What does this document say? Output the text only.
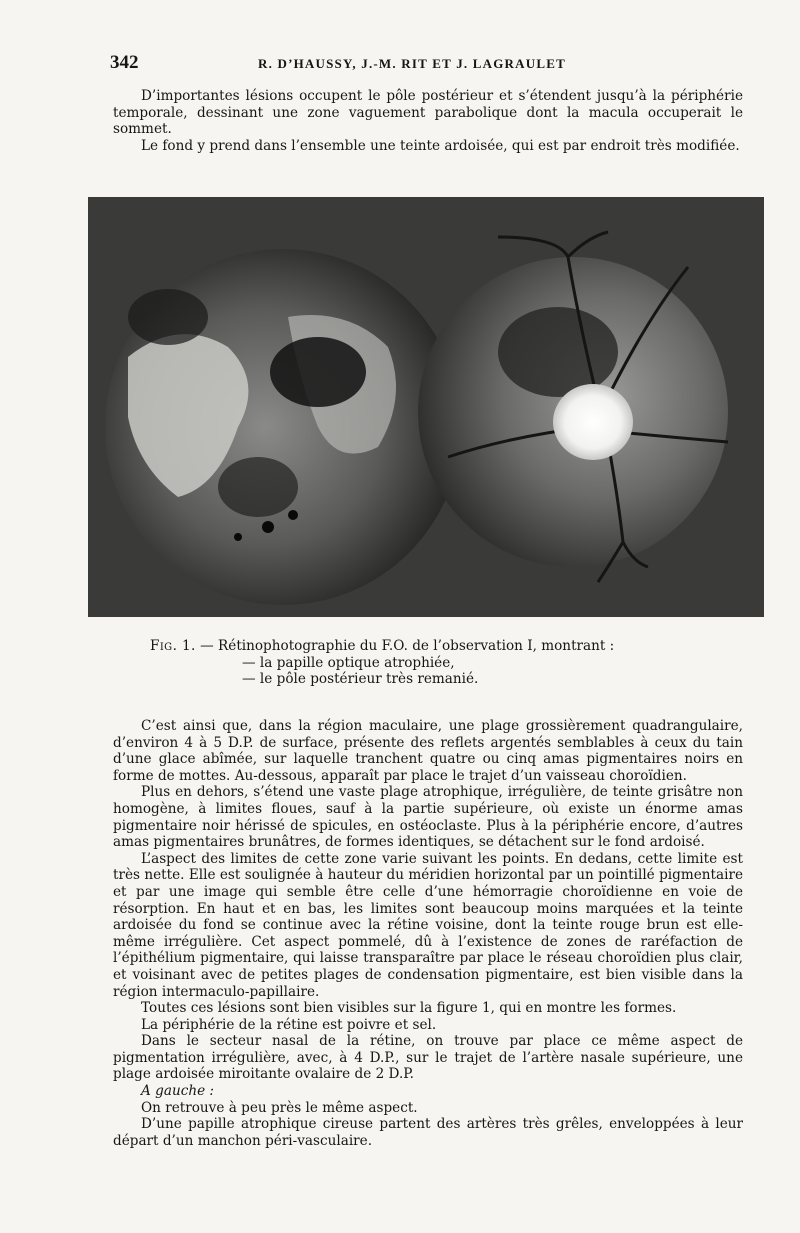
342	R. D’HAUSSY, J.-M. RIT ET J. LAGRAULET

D’importantes lésions occupent le pôle postérieur et s’étendent jusqu’à la périphérie temporale, dessinant une zone vaguement parabolique dont la macula occuperait le sommet.

Le fond y prend dans l’ensemble une teinte ardoisée, qui est par endroit très modifiée.

Fig. 1. — Rétinophotographie du F.O. de l’observation I, montrant :
— la papille optique atrophiée,
— le pôle postérieur très remanié.

C’est ainsi que, dans la région maculaire, une plage grossièrement quadrangulaire, d’environ 4 à 5 D.P. de surface, présente des reflets argentés semblables à ceux du tain d’une glace abîmée, sur laquelle tranchent quatre ou cinq amas pigmentaires noirs en forme de mottes. Au-dessous, apparaît par place le trajet d’un vaisseau choroïdien.

Plus en dehors, s’étend une vaste plage atrophique, irrégulière, de teinte grisâtre non homogène, à limites floues, sauf à la partie supérieure, où existe un énorme amas pigmentaire noir hérissé de spicules, en ostéoclaste. Plus à la périphérie encore, d’autres amas pigmentaires brunâtres, de formes identiques, se détachent sur le fond ardoisé.

L’aspect des limites de cette zone varie suivant les points. En dedans, cette limite est très nette. Elle est soulignée à hauteur du méridien horizontal par un pointillé pigmentaire et par une image qui semble être celle d’une hémorragie choroïdienne en voie de résorption. En haut et en bas, les limites sont beaucoup moins marquées et la teinte ardoisée du fond se continue avec la rétine voisine, dont la teinte rouge brun est elle-même irrégulière. Cet aspect pommelé, dû à l’existence de zones de raréfaction de l’épithélium pigmentaire, qui laisse transparaître par place le réseau choroïdien plus clair, et voisinant avec de petites plages de condensation pigmentaire, est bien visible dans la région intermaculo-papillaire.

Toutes ces lésions sont bien visibles sur la figure 1, qui en montre les formes.

La périphérie de la rétine est poivre et sel.

Dans le secteur nasal de la rétine, on trouve par place ce même aspect de pigmentation irrégulière, avec, à 4 D.P., sur le trajet de l’artère nasale supérieure, une plage ardoisée miroitante ovalaire de 2 D.P.

A gauche :

On retrouve à peu près le même aspect.

D’une papille atrophique cireuse partent des artères très grêles, enveloppées à leur départ d’un manchon péri-vasculaire.
